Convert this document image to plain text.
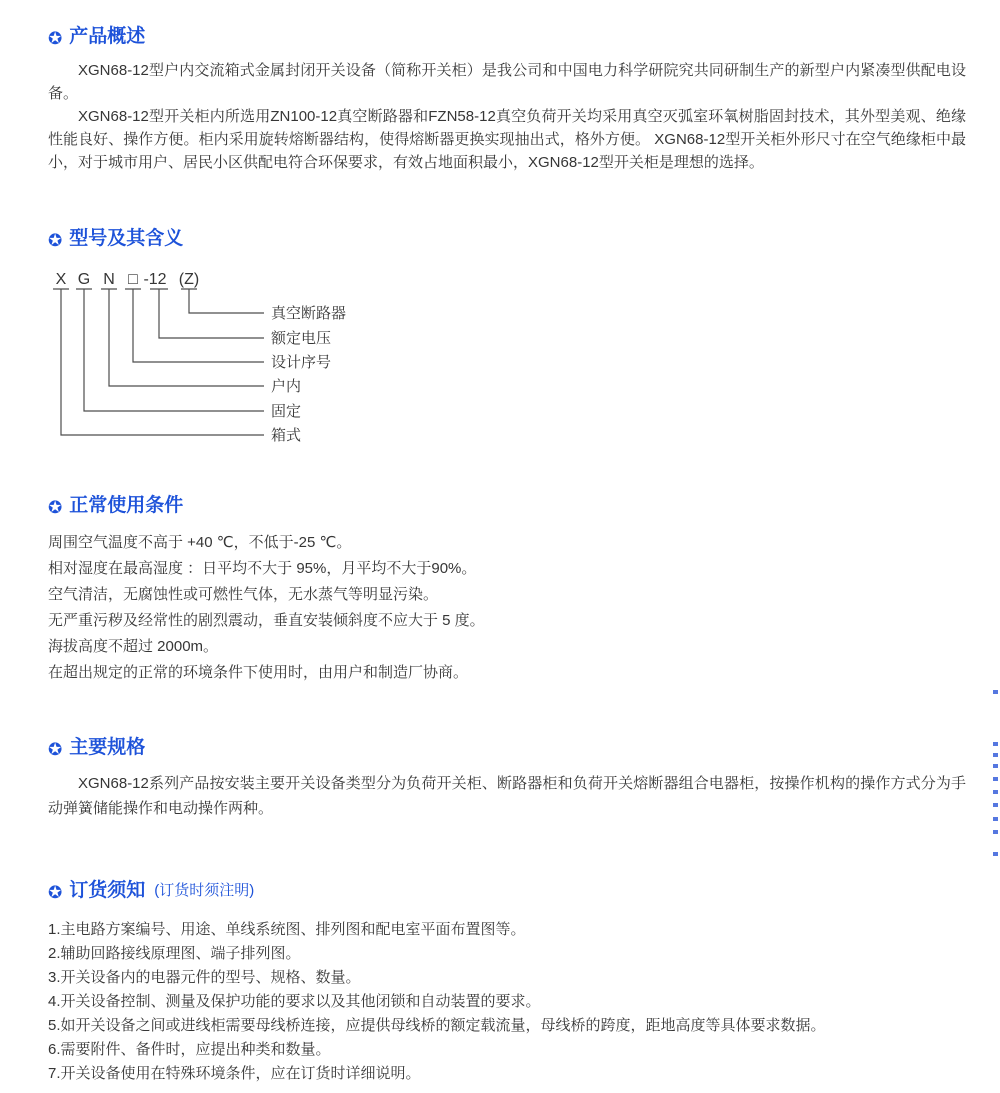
✪ 产品概述

XGN68-12型户内交流箱式金属封闭开关设备（简称开关柜）是我公司和中国电力科学研院究共同研制生产的新型户内紧凑型供配电设备。

XGN68-12型开关柜内所选用ZN100-12真空断路器和FZN58-12真空负荷开关均采用真空灭弧室环氧树脂固封技术，其外型美观、绝缘性能良好、操作方便。柜内采用旋转熔断器结构，使得熔断器更换实现抽出式，格外方便。 XGN68-12型开关柜外形尺寸在空气绝缘柜中最小，对于城市用户、居民小区供配电符合环保要求，有效占地面积最小，XGN68-12型开关柜是理想的选择。

✪ 型号及其含义
X G N □ -12 (Z)
真空断路器
额定电压
设计序号
户内
固定
箱式
✪ 正常使用条件
周围空气温度不高于 +40 ℃，不低于-25 ℃。
相对湿度在最高湿度 ：日平均不大于 95%，月平均不大于90%。
空气清洁，无腐蚀性或可燃性气体，无水蒸气等明显污染。
无严重污秽及经常性的剧烈震动，垂直安装倾斜度不应大于 5 度。
海拔高度不超过 2000m。
在超出规定的正常的环境条件下使用时，由用户和制造厂协商。
✪ 主要规格

XGN68-12系列产品按安装主要开关设备类型分为负荷开关柜、断路器柜和负荷开关熔断器组合电器柜，按操作机构的操作方式分为手动弹簧储能操作和电动操作两种。

✪ 订货须知 (订货时须注明)
1.主电路方案编号、用途、单线系统图、排列图和配电室平面布置图等。
2.辅助回路接线原理图、端子排列图。
3.开关设备内的电器元件的型号、规格、数量。
4.开关设备控制、测量及保护功能的要求以及其他闭锁和自动装置的要求。
5.如开关设备之间或进线柜需要母线桥连接，应提供母线桥的额定载流量，母线桥的跨度，距地高度等具体要求数据。
6.需要附件、备件时，应提出种类和数量。
7.开关设备使用在特殊环境条件，应在订货时详细说明。
